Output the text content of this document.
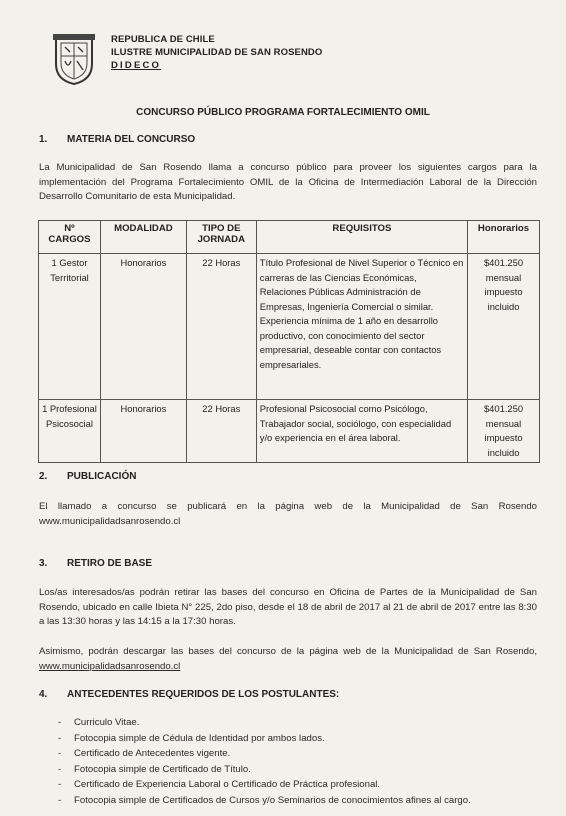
REPUBLICA DE CHILE
ILUSTRE MUNICIPALIDAD DE SAN ROSENDO
DIDECO
CONCURSO PÚBLICO PROGRAMA FORTALECIMIENTO OMIL
1. MATERIA DEL CONCURSO
La Municipalidad de San Rosendo llama a concurso público para proveer los siguientes cargos para la implementación del Programa Fortalecimiento OMIL de la Oficina de Intermediación Laboral de la Dirección Desarrollo Comunitario de esta Municipalidad.
Nº CARGOS	MODALIDAD	TIPO DE JORNADA	REQUISITOS	Honorarios
1 Gestor Territorial	Honorarios	22 Horas	Título Profesional de Nivel Superior o Técnico en carreras de las Ciencias Económicas, Relaciones Públicas Administración de Empresas, Ingeniería Comercial o similar. Experiencia mínima de 1 año en desarrollo productivo, con conocimiento del sector empresarial, deseable contar con contactos empresariales.	$401.250 mensual impuesto incluido
1 Profesional Psicosocial	Honorarios	22 Horas	Profesional Psicosocial como Psicólogo, Trabajador social, sociólogo, con especialidad y/o experiencia en el área laboral.	$401.250 mensual impuesto incluido
2. PUBLICACIÓN
El llamado a concurso se publicará en la página web de la Municipalidad de San Rosendo www.municipalidadsanrosendo.cl
3. RETIRO DE BASE
Los/as interesados/as podrán retirar las bases del concurso en Oficina de Partes de la Municipalidad de San Rosendo, ubicado en calle Ibieta N° 225, 2do piso, desde el 18 de abril de 2017 al 21 de abril de 2017 entre las 8:30 a las 13:30 horas y las 14:15 a la 17:30 horas.
Asimismo, podrán descargar las bases del concurso de la página web de la Municipalidad de San Rosendo, www.municipalidadsanrosendo.cl
4. ANTECEDENTES REQUERIDOS DE LOS POSTULANTES:
- Curriculo Vitae.
- Fotocopia simple de Cédula de Identidad por ambos lados.
- Certificado de Antecedentes vigente.
- Fotocopia simple de Certificado de Título.
- Certificado de Experiencia Laboral o Certificado de Práctica profesional.
- Fotocopia simple de Certificados de Cursos y/o Seminarios de conocimientos afines al cargo.
